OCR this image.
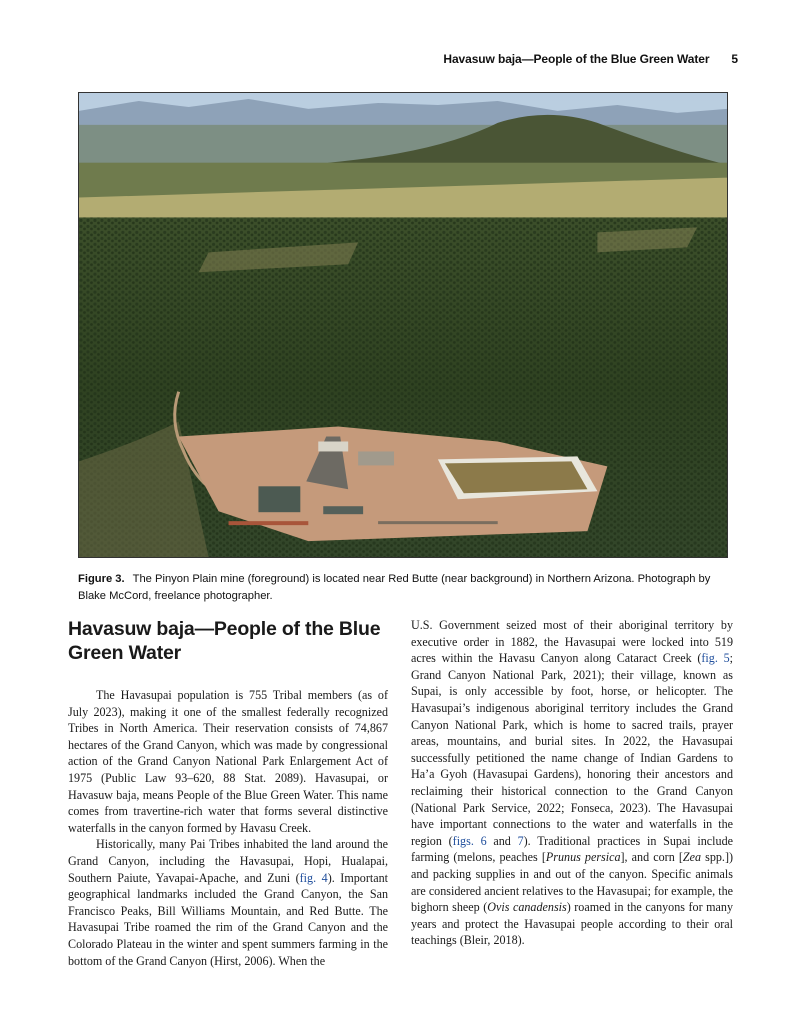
Havasuw baja—People of the Blue Green Water 5
Figure 3. The Pinyon Plain mine (foreground) is located near Red Butte (near background) in Northern Arizona. Photograph by Blake McCord, freelance photographer.
Havasuw baja—People of the Blue Green Water

The Havasupai population is 755 Tribal members (as of July 2023), making it one of the smallest federally recognized Tribes in North America. Their reservation consists of 74,867 hectares of the Grand Canyon, which was made by congressional action of the Grand Canyon National Park Enlargement Act of 1975 (Public Law 93–620, 88 Stat. 2089). Havasupai, or Havasuw baja, means People of the Blue Green Water. This name comes from travertine-rich water that forms several distinctive waterfalls in the canyon formed by Havasu Creek.

Historically, many Pai Tribes inhabited the land around the Grand Canyon, including the Havasupai, Hopi, Hualapai, Southern Paiute, Yavapai-Apache, and Zuni (fig. 4). Important geographical landmarks included the Grand Canyon, the San Francisco Peaks, Bill Williams Mountain, and Red Butte. The Havasupai Tribe roamed the rim of the Grand Canyon and the Colorado Plateau in the winter and spent summers farming in the bottom of the Grand Canyon (Hirst, 2006). When the

U.S. Government seized most of their aboriginal territory by executive order in 1882, the Havasupai were locked into 519 acres within the Havasu Canyon along Cataract Creek (fig. 5; Grand Canyon National Park, 2021); their village, known as Supai, is only accessible by foot, horse, or helicopter. The Havasupai’s indigenous aboriginal territory includes the Grand Canyon National Park, which is home to sacred trails, prayer areas, mountains, and burial sites. In 2022, the Havasupai successfully petitioned the name change of Indian Gardens to Ha’a Gyoh (Havasupai Gardens), honoring their ancestors and reclaiming their historical connection to the Grand Canyon (National Park Service, 2022; Fonseca, 2023). The Havasupai have important connections to the water and waterfalls in the region (figs. 6 and 7). Traditional practices in Supai include farming (melons, peaches [Prunus persica], and corn [Zea spp.]) and packing supplies in and out of the canyon. Specific animals are considered ancient relatives to the Havasupai; for example, the bighorn sheep (Ovis canadensis) roamed in the canyons for many years and protect the Havasupai people according to their oral teachings (Bleir, 2018).
